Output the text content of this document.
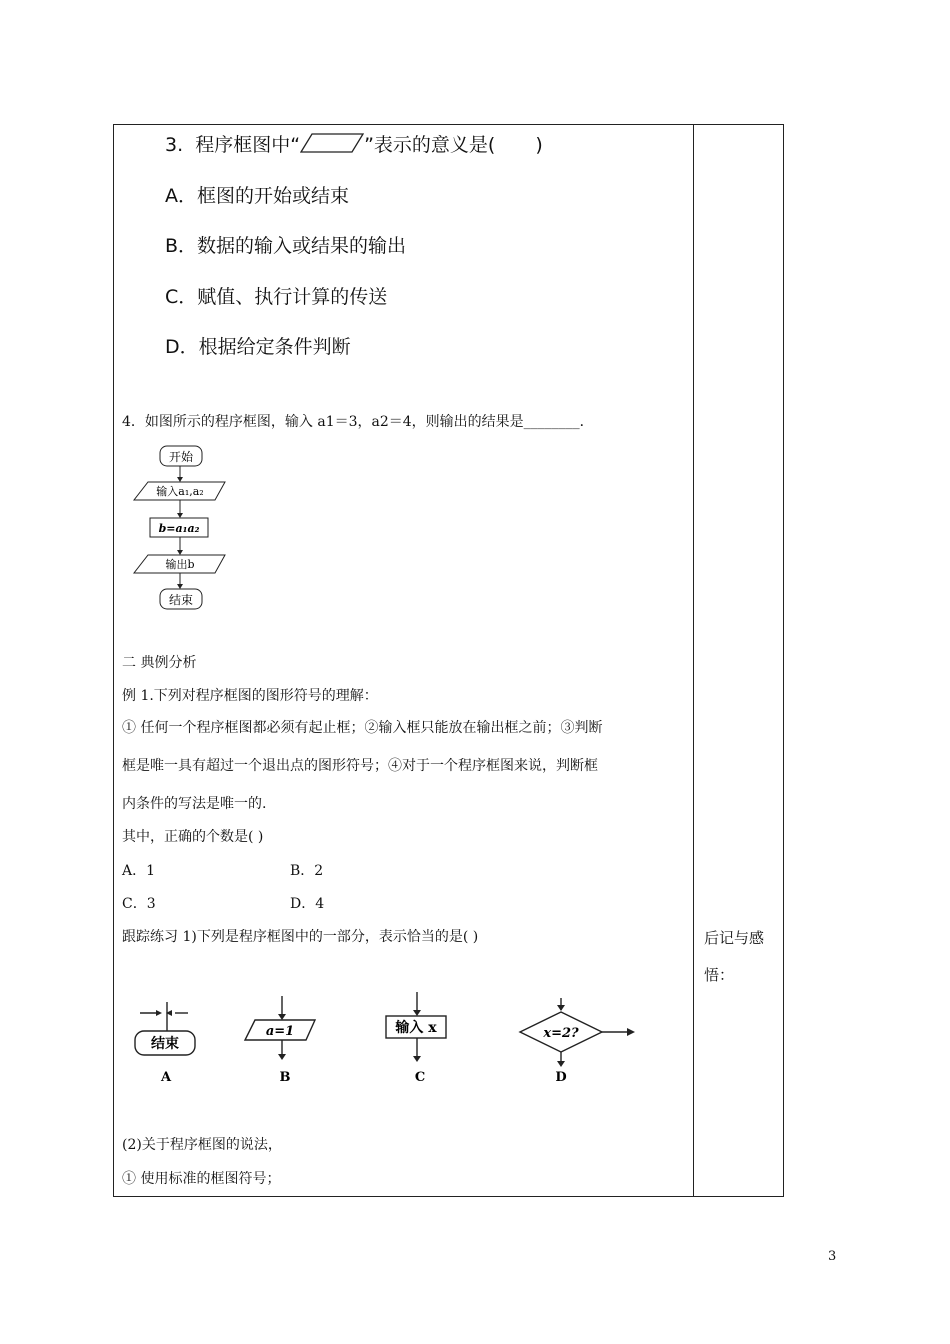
3. 程序框图中“	”表示的意义是( )
A．框图的开始或结束
B．数据的输入或结果的输出
C．赋值、执行计算的传送
D．根据给定条件判断
4．如图所示的程序框图，输入 a1＝3，a2＝4，则输出的结果是________．
开始
输入a₁,a₂
b=a₁a₂
输出b
结束
二 典例分析
例 1.下列对程序框图的图形符号的理解：
① 任何一个程序框图都必须有起止框；②输入框只能放在输出框之前；③判断
框是唯一具有超过一个退出点的图形符号；④对于一个程序框图来说，判断框
内条件的写法是唯一的.
其中，正确的个数是( )
A．1	B．2
C．3	D．4
跟踪练习 1)下列是程序框图中的一部分，表示恰当的是( )
结束
a=1	输入 x	x=2?
A	B	C	D
(2)关于程序框图的说法，
① 使用标准的框图符号；
后记与感
悟：
3
